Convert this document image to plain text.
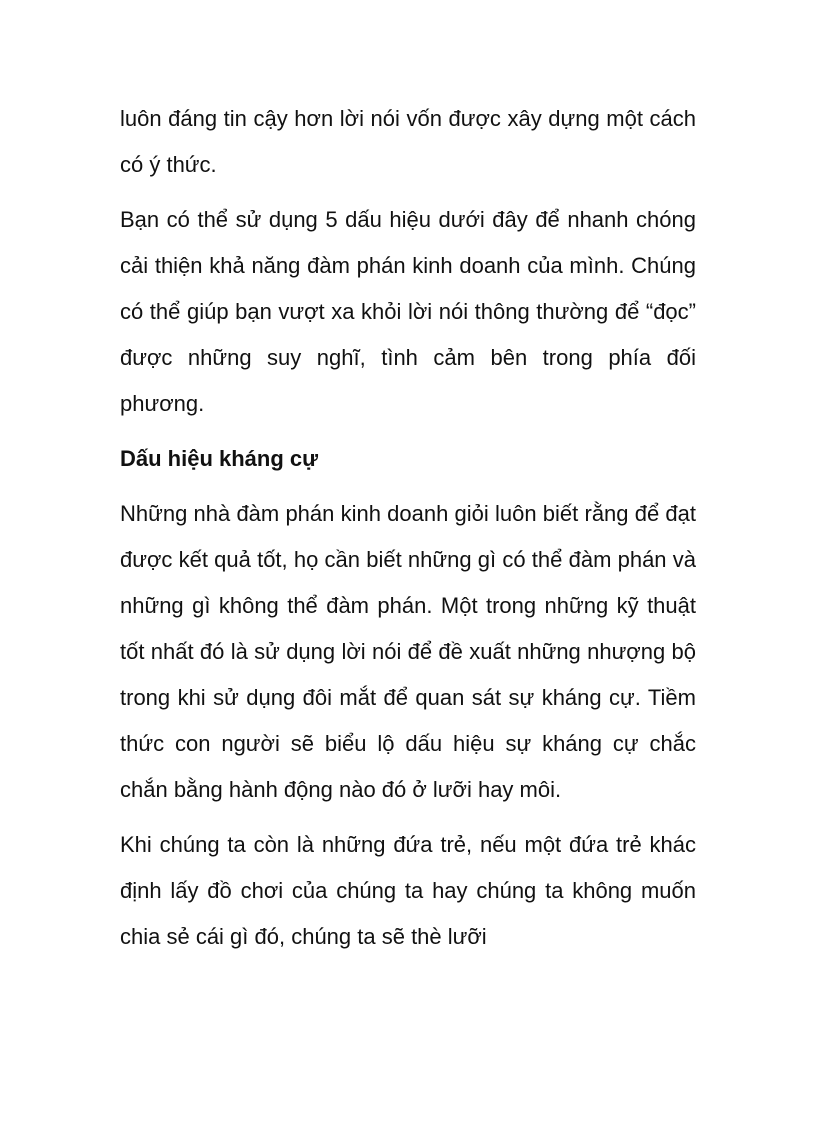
luôn đáng tin cậy hơn lời nói vốn được xây dựng một cách có ý thức.

Bạn có thể sử dụng 5 dấu hiệu dưới đây để nhanh chóng cải thiện khả năng đàm phán kinh doanh của mình. Chúng có thể giúp bạn vượt xa khỏi lời nói thông thường để “đọc” được những suy nghĩ, tình cảm bên trong phía đối phương.

Dấu hiệu kháng cự

Những nhà đàm phán kinh doanh giỏi luôn biết rằng để đạt được kết quả tốt, họ cần biết những gì có thể đàm phán và những gì không thể đàm phán. Một trong những kỹ thuật tốt nhất đó là sử dụng lời nói để đề xuất những nhượng bộ trong khi sử dụng đôi mắt để quan sát sự kháng cự. Tiềm thức con người sẽ biểu lộ dấu hiệu sự kháng cự chắc chắn bằng hành động nào đó ở lưỡi hay môi.

Khi chúng ta còn là những đứa trẻ, nếu một đứa trẻ khác định lấy đồ chơi của chúng ta hay chúng ta không muốn chia sẻ cái gì đó, chúng ta sẽ thè lưỡi
